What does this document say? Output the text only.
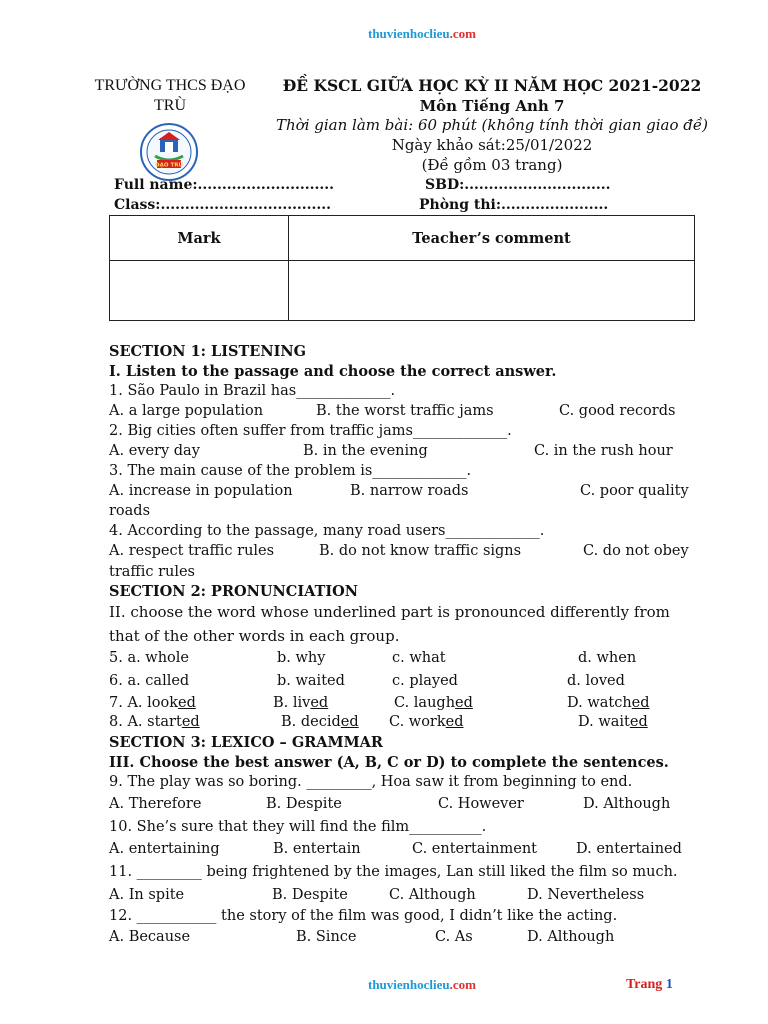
thuvienhoclieu.com
TRƯỜNG THCS ĐẠO
TRÙ
ĐẠO TRÙ
ĐỀ KSCL GIỮA HỌC KỲ II NĂM HỌC 2021-2022
Môn Tiếng Anh 7
Thời gian làm bài: 60 phút (không tính thời gian giao đề)
Ngày khảo sát:25/01/2022
(Đề gồm 03 trang)
Full name:............................	SBD:..............................
Class:...................................	Phòng thi:......................
Mark	Teacher’s comment

SECTION 1: LISTENING
I. Listen to the passage and choose the correct answer.
1. São Paulo in Brazil has_____________.
A. a large population	B. the worst traffic jams	C. good records
2. Big cities often suffer from traffic jams_____________.
A. every day	B. in the evening	C. in the rush hour
3. The main cause of the problem is_____________.
A. increase in population	B. narrow roads	C. poor quality
roads
4. According to the passage, many road users_____________.
A. respect traffic rules	B. do not know traffic signs	C. do not obey
traffic rules
SECTION 2: PRONUNCIATION
II. choose the word whose underlined part is pronounced differently from
that of the other words in each group.
5. a. whole	b. why	c. what	d. when
6. a. called	b. waited	c. played	d. loved
7. A. looked	B. lived	C. laughed	D. watched
8. A. started	B. decided C. worked	D. waited
SECTION 3: LEXICO – GRAMMAR
III. Choose the best answer (A, B, C or D) to complete the sentences.
9. The play was so boring. _________, Hoa saw it from beginning to end.
A. Therefore	B. Despite	C. However	D. Although
10. She’s sure that they will find the film__________.
A. entertaining	B. entertain	C. entertainment	D. entertained
11. _________ being frightened by the images, Lan still liked the film so much.
A. In spite	B. Despite	C. Although	D. Nevertheless
12. ___________ the story of the film was good, I didn’t like the acting.
A. Because	B. Since	C. As	D. Although
thuvienhoclieu.com	Trang 1
